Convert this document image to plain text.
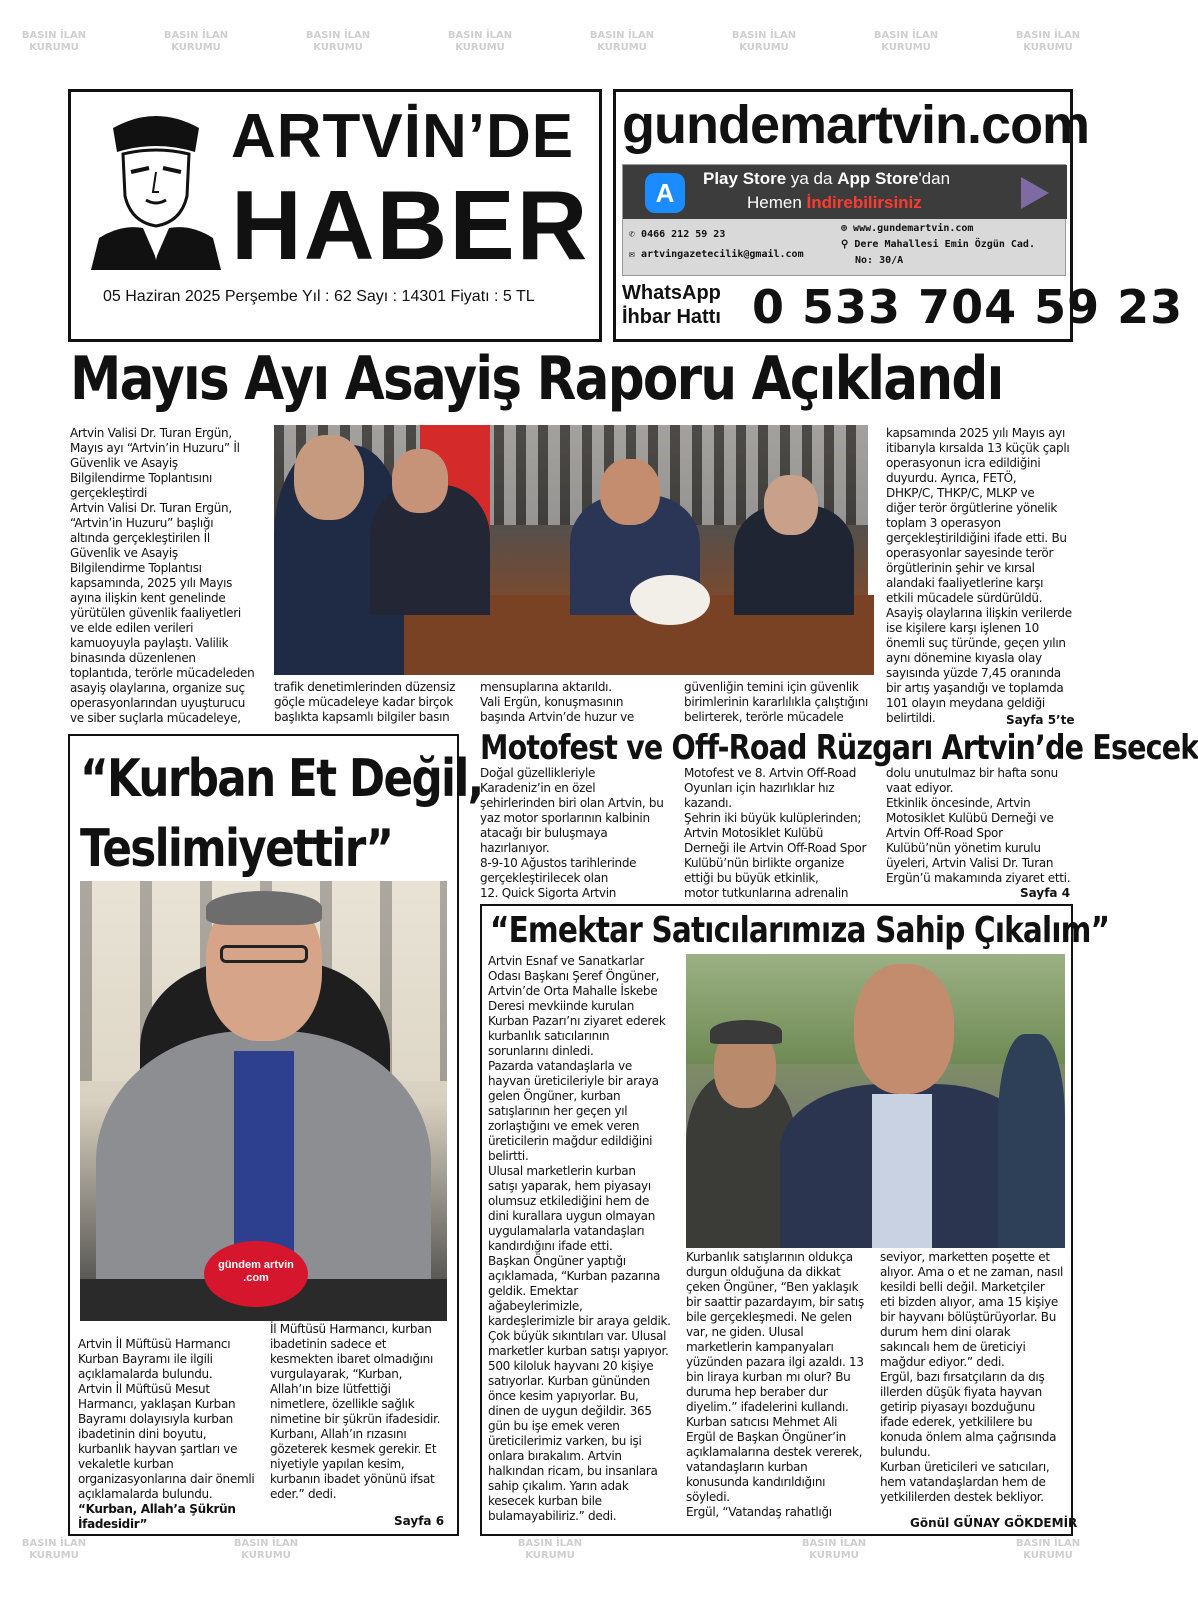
BASIN İLAN KURUMU
BASIN İLAN KURUMU
BASIN İLAN KURUMU
BASIN İLAN KURUMU
BASIN İLAN KURUMU
BASIN İLAN KURUMU
BASIN İLAN KURUMU
BASIN İLAN KURUMU
BASIN İLAN KURUMU
BASIN İLAN KURUMU
BASIN İLAN KURUMU
BASIN İLAN KURUMU
BASIN İLAN KURUMU
ARTVİN’DE
HABER
05 Haziran 2025 Perşembe Yıl : 62 Sayı : 14301 Fiyatı : 5 TL
gundemartvin.com
A	Play Store ya da App Store'dan
Hemen İndirebilirsiniz
✆ 0466 212 59 23
✉ artvingazetecilik@gmail.com
⊕ www.gundemartvin.com
⚲ Dere Mahallesi Emin Özgün Cad.
No: 30/A
WhatsApp
İhbar Hattı 0 533 704 59 23
Mayıs Ayı Asayiş Raporu Açıklandı
Artvin Valisi Dr. Turan Ergün,
Mayıs ayı “Artvin’in Huzuru” İl
Güvenlik ve Asayiş
Bilgilendirme Toplantısını
gerçekleştirdi
Artvin Valisi Dr. Turan Ergün,
“Artvin’in Huzuru” başlığı
altında gerçekleştirilen İl
Güvenlik ve Asayiş
Bilgilendirme Toplantısı
kapsamında, 2025 yılı Mayıs
ayına ilişkin kent genelinde
yürütülen güvenlik faaliyetleri
ve elde edilen verileri
kamuoyuyla paylaştı. Valilik
binasında düzenlenen
toplantıda, terörle mücadeleden
asayiş olaylarına, organize suç
operasyonlarından uyuşturucu
ve siber suçlarla mücadeleye,
trafik denetimlerinden düzensiz
göçle mücadeleye kadar birçok
başlıkta kapsamlı bilgiler basın
mensuplarına aktarıldı.
Vali Ergün, konuşmasının
başında Artvin’de huzur ve
güvenliğin temini için güvenlik
birimlerinin kararlılıkla çalıştığını
belirterek, terörle mücadele
kapsamında 2025 yılı Mayıs ayı
itibarıyla kırsalda 13 küçük çaplı
operasyonun icra edildiğini
duyurdu. Ayrıca, FETÖ,
DHKP/C, THKP/C, MLKP ve
diğer terör örgütlerine yönelik
toplam 3 operasyon
gerçekleştirildiğini ifade etti. Bu
operasyonlar sayesinde terör
örgütlerinin şehir ve kırsal
alandaki faaliyetlerine karşı
etkili mücadele sürdürüldü.
Asayiş olaylarına ilişkin verilerde
ise kişilere karşı işlenen 10
önemli suç türünde, geçen yılın
aynı dönemine kıyasla olay
sayısında yüzde 7,45 oranında
bir artış yaşandığı ve toplamda
101 olayın meydana geldiği
belirtildi.	Sayfa 5’te
“Kurban Et Değil,
Teslimiyettir”
gündem artvin .com

Artvin İl Müftüsü Harmancı
Kurban Bayramı ile ilgili
açıklamalarda bulundu.
Artvin İl Müftüsü Mesut
Harmancı, yaklaşan Kurban
Bayramı dolayısıyla kurban
ibadetinin dini boyutu,
kurbanlık hayvan şartları ve
vekaletle kurban
organizasyonlarına dair önemli
açıklamalarda bulundu.

“Kurban, Allah’a Şükrün
İfadesidir”

İl Müftüsü Harmancı, kurban
ibadetinin sadece et
kesmekten ibaret olmadığını
vurgulayarak, “Kurban,
Allah’ın bize lütfettiği
nimetlere, özellikle sağlık
nimetine bir şükrün ifadesidir.
Kurbanı, Allah’ın rızasını
gözeterek kesmek gerekir. Et
niyetiyle yapılan kesim,
kurbanın ibadet yönünü ifsat
eder.” dedi.
Sayfa 6
Motofest ve Off-Road Rüzgarı Artvin’de Esecek
Doğal güzellikleriyle
Karadeniz’in en özel
şehirlerinden biri olan Artvin, bu
yaz motor sporlarının kalbinin
atacağı bir buluşmaya
hazırlanıyor.
8-9-10 Ağustos tarihlerinde
gerçekleştirilecek olan
12. Quick Sigorta Artvin
Motofest ve 8. Artvin Off-Road
Oyunları için hazırlıklar hız
kazandı.
Şehrin iki büyük kulüplerinden;
Artvin Motosiklet Kulübü
Derneği ile Artvin Off-Road Spor
Kulübü’nün birlikte organize
ettiği bu büyük etkinlik,
motor tutkunlarına adrenalin
dolu unutulmaz bir hafta sonu
vaat ediyor.
Etkinlik öncesinde, Artvin
Motosiklet Kulübü Derneği ve
Artvin Off-Road Spor
Kulübü’nün yönetim kurulu
üyeleri, Artvin Valisi Dr. Turan
Ergün’ü makamında ziyaret etti.
Sayfa 4
“Emektar Satıcılarımıza Sahip Çıkalım”
Artvin Esnaf ve Sanatkarlar
Odası Başkanı Şeref Öngüner,
Artvin’de Orta Mahalle İskebe
Deresi mevkiinde kurulan
Kurban Pazarı’nı ziyaret ederek
kurbanlık satıcılarının
sorunlarını dinledi.
Pazarda vatandaşlarla ve
hayvan üreticileriyle bir araya
gelen Öngüner, kurban
satışlarının her geçen yıl
zorlaştığını ve emek veren
üreticilerin mağdur edildiğini
belirtti.
Ulusal marketlerin kurban
satışı yaparak, hem piyasayı
olumsuz etkilediğini hem de
dini kurallara uygun olmayan
uygulamalarla vatandaşları
kandırdığını ifade etti.
Başkan Öngüner yaptığı
açıklamada, “Kurban pazarına
geldik. Emektar
ağabeylerimizle,
kardeşlerimizle bir araya geldik.
Çok büyük sıkıntıları var. Ulusal
marketler kurban satışı yapıyor.
500 kiloluk hayvanı 20 kişiye
satıyorlar. Kurban gününden
önce kesim yapıyorlar. Bu,
dinen de uygun değildir. 365
gün bu işe emek veren
üreticilerimiz varken, bu işi
onlara bırakalım. Artvin
halkından ricam, bu insanlara
sahip çıkalım. Yarın adak
kesecek kurban bile
bulamayabiliriz.” dedi.
Kurbanlık satışlarının oldukça
durgun olduğuna da dikkat
çeken Öngüner, “Ben yaklaşık
bir saattir pazardayım, bir satış
bile gerçekleşmedi. Ne gelen
var, ne giden. Ulusal
marketlerin kampanyaları
yüzünden pazara ilgi azaldı. 13
bin liraya kurban mı olur? Bu
duruma hep beraber dur
diyelim.” ifadelerini kullandı.
Kurban satıcısı Mehmet Ali
Ergül de Başkan Öngüner’in
açıklamalarına destek vererek,
vatandaşların kurban
konusunda kandırıldığını
söyledi.
Ergül, “Vatandaş rahatlığı
seviyor, marketten poşette et
alıyor. Ama o et ne zaman, nasıl
kesildi belli değil. Marketçiler
eti bizden alıyor, ama 15 kişiye
bir hayvanı bölüştürüyorlar. Bu
durum hem dini olarak
sakıncalı hem de üreticiyi
mağdur ediyor.” dedi.
Ergül, bazı fırsatçıların da dış
illerden düşük fiyata hayvan
getirip piyasayı bozduğunu
ifade ederek, yetkililere bu
konuda önlem alma çağrısında
bulundu.
Kurban üreticileri ve satıcıları,
hem vatandaşlardan hem de
yetkililerden destek bekliyor.
Gönül GÜNAY GÖKDEMİR
